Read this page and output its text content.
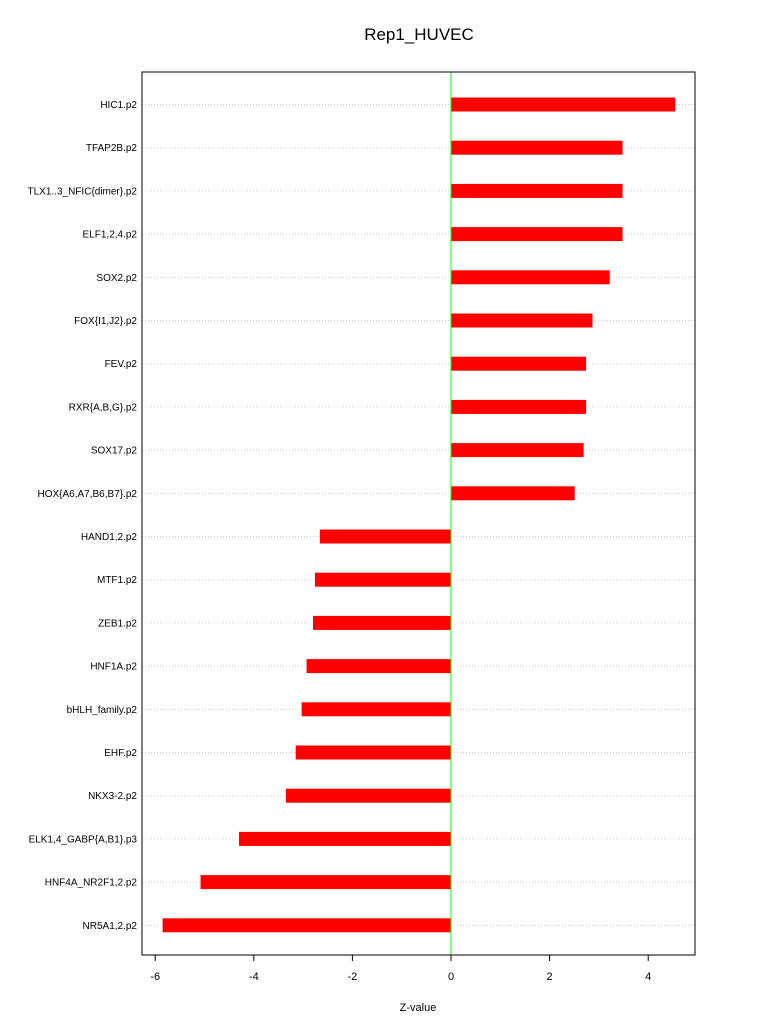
Rep1_HUVEC
HIC1.p2
TFAP2B.p2
TLX1..3_NFIC{dimer}.p2
ELF1,2,4.p2
SOX2.p2
FOX{I1,J2}.p2
FEV.p2
RXR{A,B,G}.p2
SOX17.p2
HOX{A6,A7,B6,B7}.p2
HAND1,2.p2
MTF1.p2
ZEB1.p2
HNF1A.p2
bHLH_family.p2
EHF.p2
NKX3-2.p2
ELK1,4_GABP{A,B1}.p3
HNF4A_NR2F1,2.p2
NR5A1,2.p2
-6	-4	-2	0	2	4
Z-value
